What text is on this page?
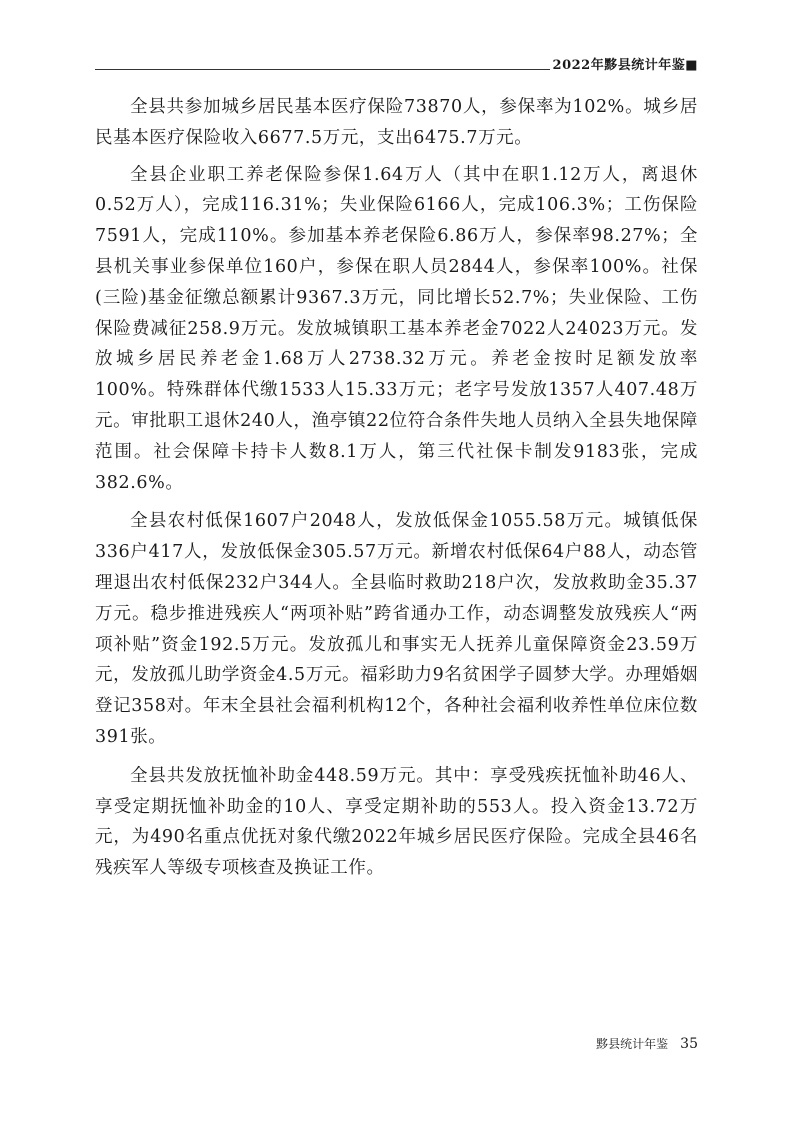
2022年黟县统计年鉴■

全县共参加城乡居民基本医疗保险73870人，参保率为102%。城乡居民基本医疗保险收入6677.5万元，支出6475.7万元。

全县企业职工养老保险参保1.64万人（其中在职1.12万人，离退休0.52万人），完成116.31%；失业保险6166人，完成106.3%；工伤保险7591人，完成110%。参加基本养老保险6.86万人，参保率98.27%；全县机关事业参保单位160户，参保在职人员2844人，参保率100%。社保(三险)基金征缴总额累计9367.3万元，同比增长52.7%；失业保险、工伤保险费减征258.9万元。发放城镇职工基本养老金7022人24023万元。发放城乡居民养老金1.68万人2738.32万元。养老金按时足额发放率100%。特殊群体代缴1533人15.33万元；老字号发放1357人407.48万元。审批职工退休240人，渔亭镇22位符合条件失地人员纳入全县失地保障范围。社会保障卡持卡人数8.1万人，第三代社保卡制发9183张，完成382.6%。

全县农村低保1607户2048人，发放低保金1055.58万元。城镇低保336户417人，发放低保金305.57万元。新增农村低保64户88人，动态管理退出农村低保232户344人。全县临时救助218户次，发放救助金35.37万元。稳步推进残疾人“两项补贴”跨省通办工作，动态调整发放残疾人“两项补贴”资金192.5万元。发放孤儿和事实无人抚养儿童保障资金23.59万元，发放孤儿助学资金4.5万元。福彩助力9名贫困学子圆梦大学。办理婚姻登记358对。年末全县社会福利机构12个，各种社会福利收养性单位床位数391张。

全县共发放抚恤补助金448.59万元。其中：享受残疾抚恤补助46人、享受定期抚恤补助金的10人、享受定期补助的553人。投入资金13.72万元，为490名重点优抚对象代缴2022年城乡居民医疗保险。完成全县46名残疾军人等级专项核查及换证工作。

黟县统计年鉴 35
